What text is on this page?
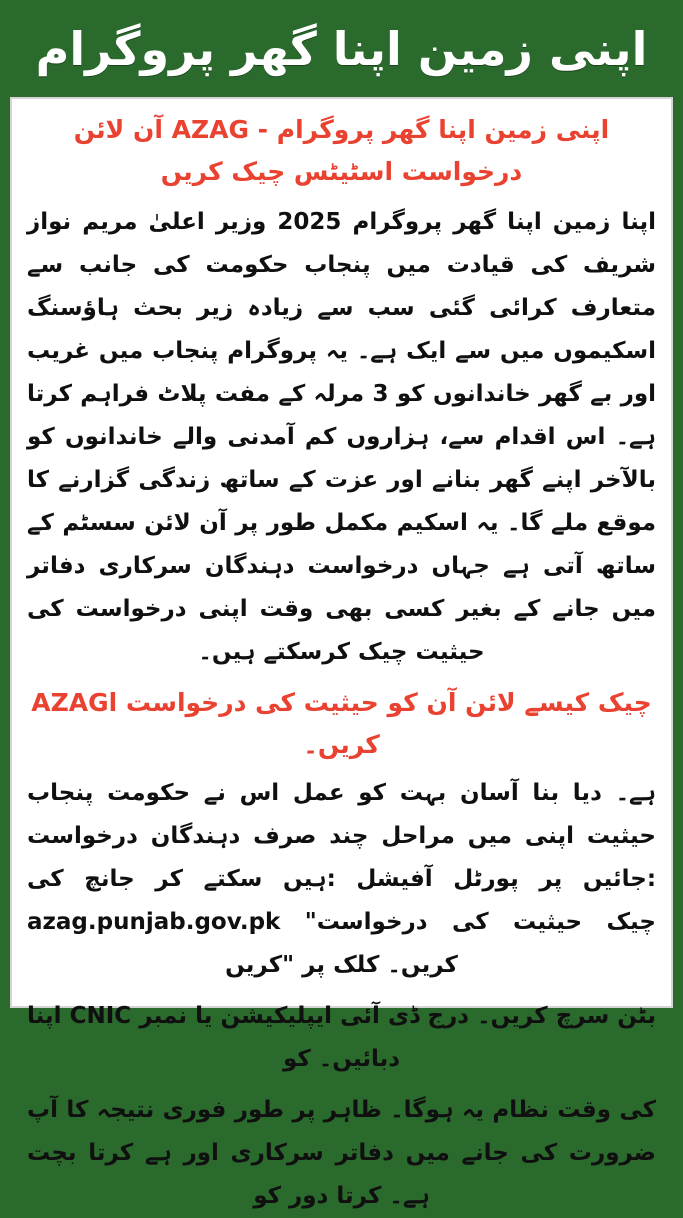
اپنی زمین اپنا گھر پروگرام
اپنی زمین اپنا گھر پروگرام - AZAG آن لائن درخواست اسٹیٹس چیک کریں
اپنا زمین اپنا گھر پروگرام 2025 وزیر اعلیٰ مریم نواز شریف کی قیادت میں پنجاب حکومت کی جانب سے متعارف کرائی گئی سب سے زیادہ زیر بحث ہاؤسنگ اسکیموں میں سے ایک ہے۔ یہ پروگرام پنجاب میں غریب اور بے گھر خاندانوں کو 3 مرلہ کے مفت پلاٹ فراہم کرتا ہے۔ اس اقدام سے، ہزاروں کم آمدنی والے خاندانوں کو بالآخر اپنے گھر بنانے اور عزت کے ساتھ زندگی گزارنے کا موقع ملے گا۔ یہ اسکیم مکمل طور پر آن لائن سسٹم کے ساتھ آتی ہے جہاں درخواست دہندگان سرکاری دفاتر میں جانے کے بغیر کسی بھی وقت اپنی درخواست کی حیثیت چیک کرسکتے ہیں۔
AZAGا درخواست کی حیثیت کو آن لائن کیسے چیک کریں۔
پنجاب حکومت نے اس عمل کو بہت آسان بنا دیا ہے۔ درخواست دہندگان صرف چند مراحل میں اپنی حیثیت کی جانچ کر سکتے ہیں: آفیشل پورٹل پر جائیں: azag.punjab.gov.pk "درخواست کی حیثیت چیک کریں" پر کلک کریں۔
اپنا CNIC نمبر یا ایپلیکیشن آئی ڈی درج کریں۔ سرچ بٹن کو دبائیں۔
آپ کا نتیجہ فوری طور پر ظاہر ہوگا۔ یہ نظام وقت کی بچت کرتا ہے اور سرکاری دفاتر میں جانے کی ضرورت کو دور کرتا ہے۔
